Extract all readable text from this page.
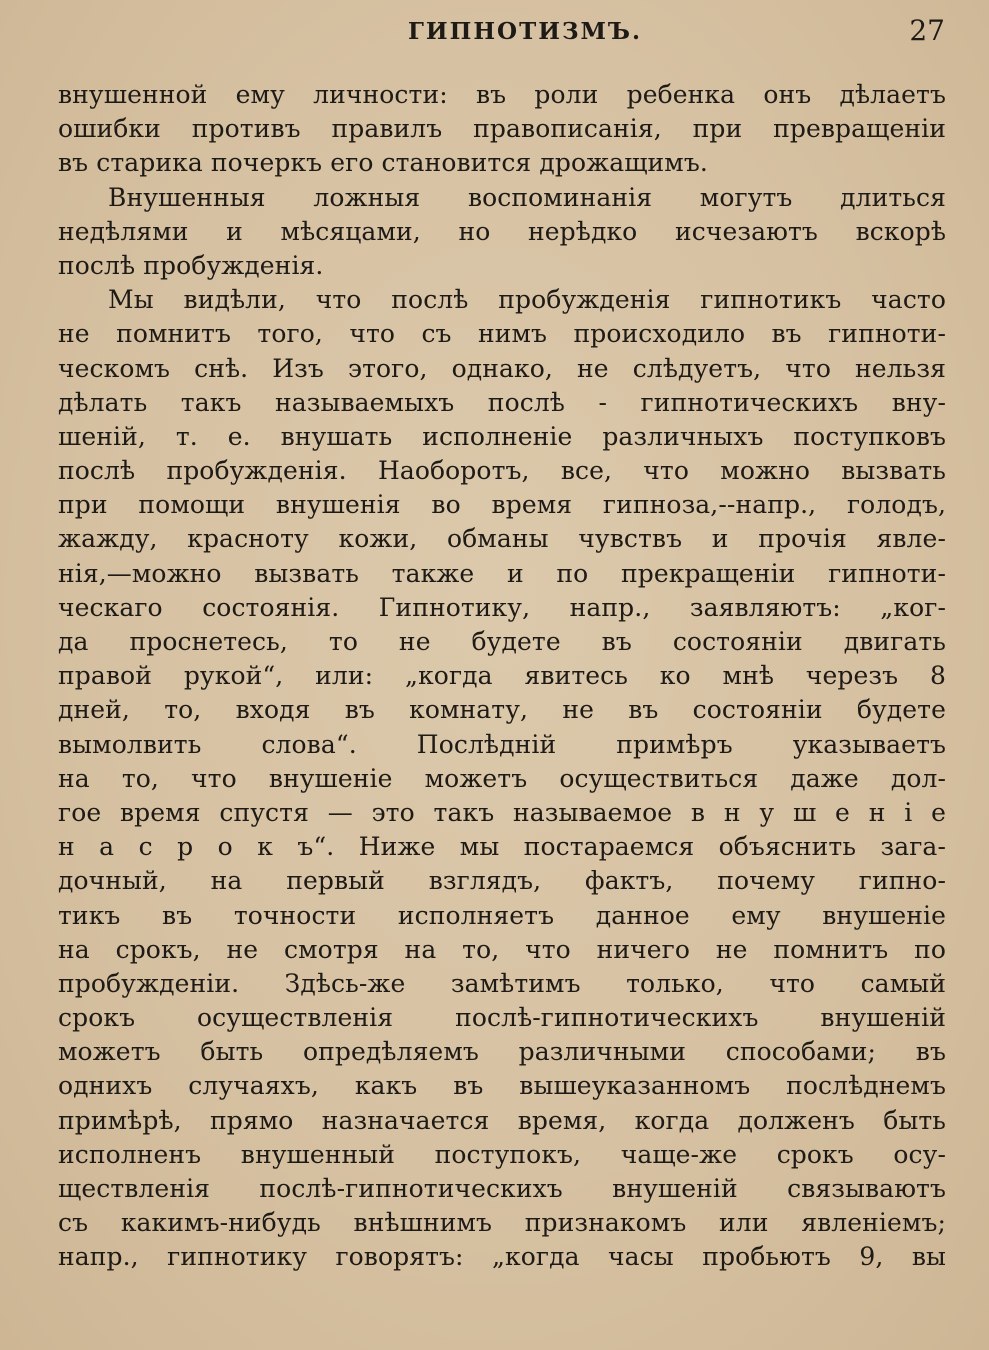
ГИПНОТИЗМЪ.	27
внушенной ему личности: въ роли ребенка онъ дѣлаетъ
ошибки противъ правилъ правописанія, при превращеніи
въ старика почеркъ его становится дрожащимъ.
Внушенныя ложныя воспоминанія могутъ длиться
недѣлями и мѣсяцами, но нерѣдко исчезаютъ вскорѣ
послѣ пробужденія.
Мы видѣли, что послѣ пробужденія гипнотикъ часто
не помнитъ того, что съ нимъ происходило въ гипноти-
ческомъ снѣ. Изъ этого, однако, не слѣдуетъ, что нельзя
дѣлать такъ называемыхъ послѣ - гипнотическихъ вну-
шеній, т. е. внушать исполненіе различныхъ поступковъ
послѣ пробужденія. Наоборотъ, все, что можно вызвать
при помощи внушенія во время гипноза,--напр., голодъ,
жажду, красноту кожи, обманы чувствъ и прочія явле-
нія,—можно вызвать также и по прекращеніи гипноти-
ческаго состоянія. Гипнотику, напр., заявляютъ: „ког-
да проснетесь, то не будете въ состояніи двигать
правой рукой“, или: „когда явитесь ко мнѣ черезъ 8
дней, то, входя въ комнату, не въ состояніи будете
вымолвить слова“. Послѣдній примѣръ указываетъ
на то, что внушеніе можетъ осуществиться даже дол-
гое время спустя — это такъ называемое в н у ш е н і е
н а с р о к ъ“. Ниже мы постараемся объяснить зага-
дочный, на первый взглядъ, фактъ, почему гипно-
тикъ въ точности исполняетъ данное ему внушеніе
на срокъ, не смотря на то, что ничего не помнитъ по
пробужденіи. Здѣсь-же замѣтимъ только, что самый
срокъ осуществленія послѣ-гипнотическихъ внушеній
можетъ быть опредѣляемъ различными способами; въ
однихъ случаяхъ, какъ въ вышеуказанномъ послѣднемъ
примѣрѣ, прямо назначается время, когда долженъ быть
исполненъ внушенный поступокъ, чаще-же срокъ осу-
ществленія послѣ-гипнотическихъ внушеній связываютъ
съ какимъ-нибудь внѣшнимъ признакомъ или явленіемъ;
напр., гипнотику говорятъ: „когда часы пробьютъ 9, вы
